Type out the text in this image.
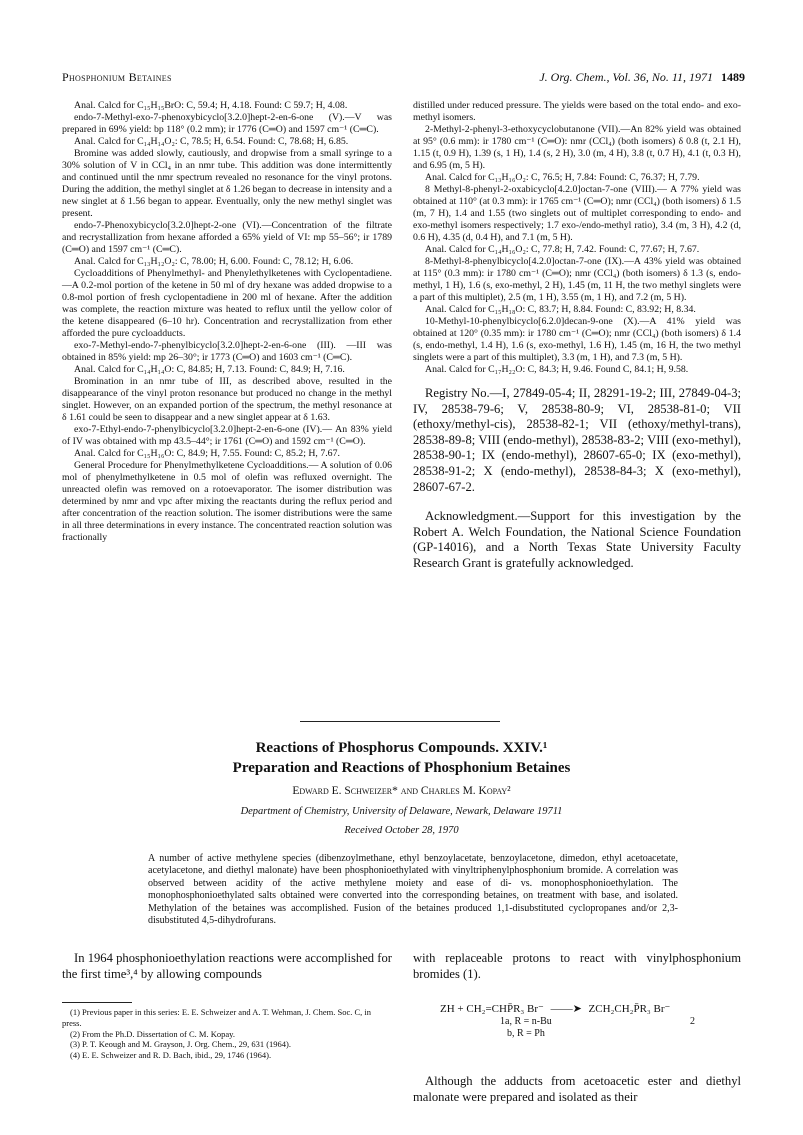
Phosphonium Betaines	J. Org. Chem., Vol. 36, No. 11, 1971 1489

Anal. Calcd for C₁₅H₁₅BrO: C, 59.4; H, 4.18. Found: C 59.7; H, 4.08.

endo-7-Methyl-exo-7-phenoxybicyclo[3.2.0]hept-2-en-6-one (V).—V was prepared in 69% yield: bp 118° (0.2 mm); ir 1776 (C═O) and 1597 cm⁻¹ (C═C).

Anal. Calcd for C₁₄H₁₄O₂: C, 78.5; H, 6.54. Found: C, 78.68; H, 6.85.

Bromine was added slowly, cautiously, and dropwise from a small syringe to a 30% solution of V in CCl₄ in an nmr tube. This addition was done intermittently and continued until the nmr spectrum revealed no resonance for the vinyl protons. During the addition, the methyl singlet at δ 1.26 began to decrease in intensity and a new singlet at δ 1.56 began to appear. Eventually, only the new methyl singlet was present.

endo-7-Phenoxybicyclo[3.2.0]hept-2-one (VI).—Concentration of the filtrate and recrystallization from hexane afforded a 65% yield of VI: mp 55–56°; ir 1789 (C═O) and 1597 cm⁻¹ (C═C).

Anal. Calcd for C₁₃H₁₂O₂: C, 78.00; H, 6.00. Found: C, 78.12; H, 6.06.

Cycloadditions of Phenylmethyl- and Phenylethylketenes with Cyclopentadiene.—A 0.2-mol portion of the ketene in 50 ml of dry hexane was added dropwise to a 0.8-mol portion of fresh cyclopentadiene in 200 ml of hexane. After the addition was complete, the reaction mixture was heated to reflux until the yellow color of the ketene disappeared (6–10 hr). Concentration and recrystallization from ether afforded the pure cycloadducts.

exo-7-Methyl-endo-7-phenylbicyclo[3.2.0]hept-2-en-6-one (III). —III was obtained in 85% yield: mp 26–30°; ir 1773 (C═O) and 1603 cm⁻¹ (C═C).

Anal. Calcd for C₁₄H₁₄O: C, 84.85; H, 7.13. Found: C, 84.9; H, 7.16.

Bromination in an nmr tube of III, as described above, resulted in the disappearance of the vinyl proton resonance but produced no change in the methyl singlet. However, on an expanded portion of the spectrum, the methyl resonance at δ 1.61 could be seen to disappear and a new singlet appear at δ 1.63.

exo-7-Ethyl-endo-7-phenylbicyclo[3.2.0]hept-2-en-6-one (IV).— An 83% yield of IV was obtained with mp 43.5–44°; ir 1761 (C═O) and 1592 cm⁻¹ (C═O).

Anal. Calcd for C₁₅H₁₆O: C, 84.9; H, 7.55. Found: C, 85.2; H, 7.67.

General Procedure for Phenylmethylketene Cycloadditions.— A solution of 0.06 mol of phenylmethylketene in 0.5 mol of olefin was refluxed overnight. The unreacted olefin was removed on a rotoevaporator. The isomer distribution was determined by nmr and vpc after mixing the reactants during the reflux period and after concentration of the reaction solution. The isomer distributions were the same in all three determinations in every instance. The concentrated reaction solution was fractionally

distilled under reduced pressure. The yields were based on the total endo- and exo-methyl isomers.

2-Methyl-2-phenyl-3-ethoxycyclobutanone (VII).—An 82% yield was obtained at 95° (0.6 mm): ir 1780 cm⁻¹ (C═O): nmr (CCl₄) (both isomers) δ 0.8 (t, 2.1 H), 1.15 (t, 0.9 H), 1.39 (s, 1 H), 1.4 (s, 2 H), 3.0 (m, 4 H), 3.8 (t, 0.7 H), 4.1 (t, 0.3 H), and 6.95 (m, 5 H).

Anal. Calcd for C₁₃H₁₆O₂: C, 76.5; H, 7.84: Found: C, 76.37; H, 7.79.

8 Methyl-8-phenyl-2-oxabicyclo[4.2.0]octan-7-one (VIII).— A 77% yield was obtained at 110° (at 0.3 mm): ir 1765 cm⁻¹ (C═O); nmr (CCl₄) (both isomers) δ 1.5 (m, 7 H), 1.4 and 1.55 (two singlets out of multiplet corresponding to endo- and exo-methyl isomers respectively; 1.7 exo-/endo-methyl ratio), 3.4 (m, 3 H), 4.2 (d, 0.6 H), 4.35 (d, 0.4 H), and 7.1 (m, 5 H).

Anal. Calcd for C₁₄H₁₆O₂: C, 77.8; H, 7.42. Found: C, 77.67; H, 7.67.

8-Methyl-8-phenylbicyclo[4.2.0]octan-7-one (IX).—A 43% yield was obtained at 115° (0.3 mm): ir 1780 cm⁻¹ (C═O); nmr (CCl₄) (both isomers) δ 1.3 (s, endo-methyl, 1 H), 1.6 (s, exo-methyl, 2 H), 1.45 (m, 11 H, the two methyl singlets were a part of this multiplet), 2.5 (m, 1 H), 3.55 (m, 1 H), and 7.2 (m, 5 H).

Anal. Calcd for C₁₅H₁₈O: C, 83.7; H, 8.84. Found: C, 83.92; H, 8.34.

10-Methyl-10-phenylbicyclo[6.2.0]decan-9-one (X).—A 41% yield was obtained at 120° (0.35 mm): ir 1780 cm⁻¹ (C═O); nmr (CCl₄) (both isomers) δ 1.4 (s, endo-methyl, 1.4 H), 1.6 (s, exo-methyl, 1.6 H), 1.45 (m, 16 H, the two methyl singlets were a part of this multiplet), 3.3 (m, 1 H), and 7.3 (m, 5 H).

Anal. Calcd for C₁₇H₂₂O: C, 84.3; H, 9.46. Found C, 84.1; H, 9.58.

Registry No.—I, 27849-05-4; II, 28291-19-2; III, 27849-04-3; IV, 28538-79-6; V, 28538-80-9; VI, 28538-81-0; VII (ethoxy/methyl-cis), 28538-82-1; VII (ethoxy/methyl-trans), 28538-89-8; VIII (endo-methyl), 28538-83-2; VIII (exo-methyl), 28538-90-1; IX (endo-methyl), 28607-65-0; IX (exo-methyl), 28538-91-2; X (endo-methyl), 28538-84-3; X (exo-methyl), 28607-67-2.

Acknowledgment.—Support for this investigation by the Robert A. Welch Foundation, the National Science Foundation (GP-14016), and a North Texas State University Faculty Research Grant is gratefully acknowledged.

Reactions of Phosphorus Compounds. XXIV.¹
Preparation and Reactions of Phosphonium Betaines
Edward E. Schweizer* and Charles M. Kopay²
Department of Chemistry, University of Delaware, Newark, Delaware 19711
Received October 28, 1970
A number of active methylene species (dibenzoylmethane, ethyl benzoylacetate, benzoylacetone, dimedon, ethyl acetoacetate, acetylacetone, and diethyl malonate) have been phosphonioethylated with vinyltriphenylphosphonium bromide. A correlation was observed between acidity of the active methylene moiety and ease of di- vs. monophosphonioethylation. The monophosphonioethylated salts obtained were converted into the corresponding betaines, on treatment with base, and isolated. Methylation of the betaines was accomplished. Fusion of the betaines produced 1,1-disubstituted cyclopropanes and/or 2,3-disubstituted 4,5-dihydrofurans.
In 1964 phosphonioethylation reactions were accomplished for the first time³,⁴ by allowing compounds
with replaceable protons to react with vinylphosphonium bromides (1).
(1) Previous paper in this series: E. E. Schweizer and A. T. Wehman, J. Chem. Soc. C, in press.
(2) From the Ph.D. Dissertation of C. M. Kopay.
(3) P. T. Keough and M. Grayson, J. Org. Chem., 29, 631 (1964).
(4) E. E. Schweizer and R. D. Bach, ibid., 29, 1746 (1964).
ZH + CH₂=CHP̄R₃ Br⁻ ——➤ ZCH₂CH₂P̄R₃ Br⁻
1a, R = n-Bu
b, R = Ph
2
Although the adducts from acetoacetic ester and diethyl malonate were prepared and isolated as their
